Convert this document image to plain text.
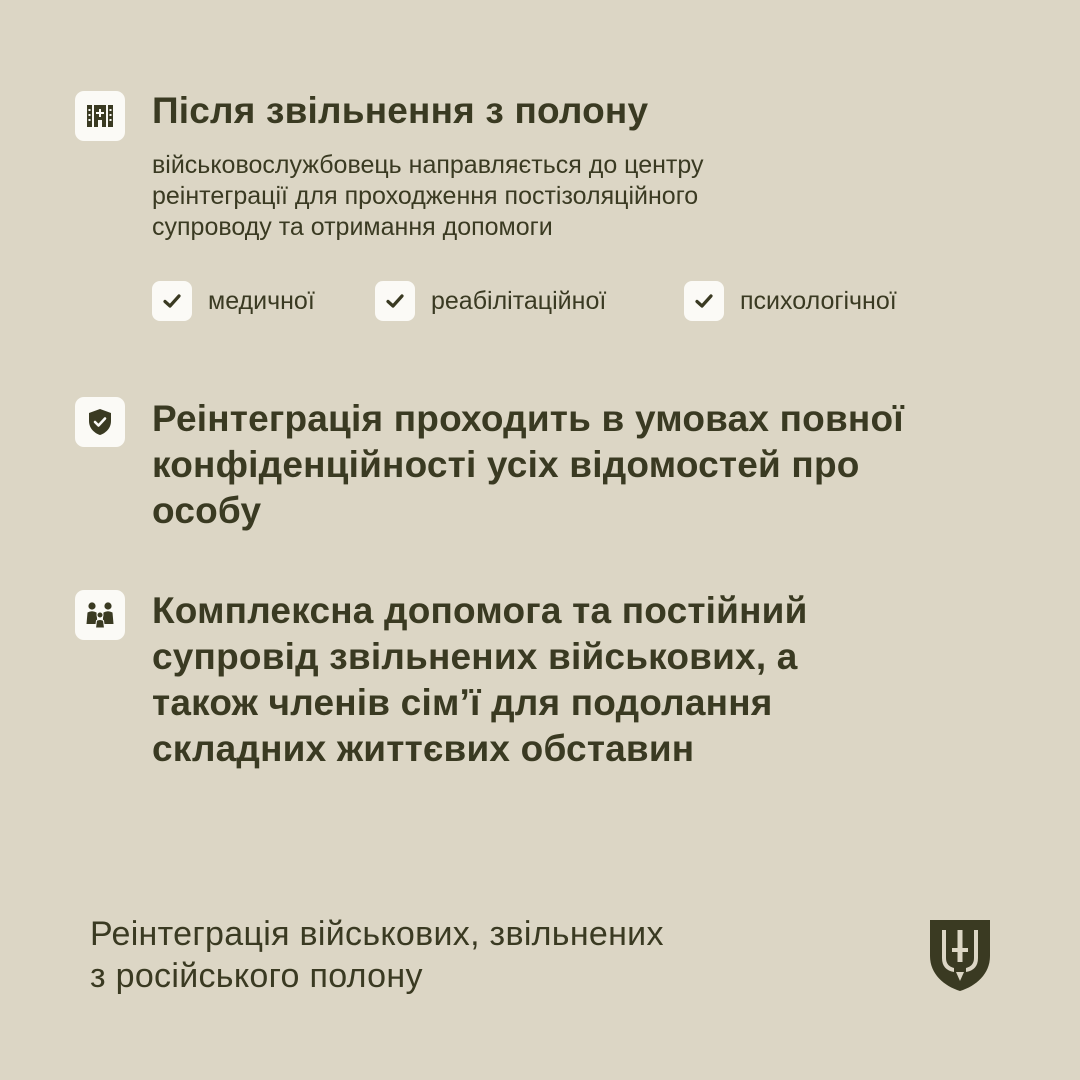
Після звільнення з полону

військовослужбовець направляється до центру
реінтеграції для проходження постізоляційного
супроводу та отримання допомоги

медичної	реабілітаційної	психологічної
Реінтеграція проходить в умовах повної
конфіденційності усіх відомостей про
особу
Комплексна допомога та постійний
супровід звільнених військових, а
також членів сім’ї для подолання
складних життєвих обставин

Реінтеграція військових, звільнених
з російського полону
